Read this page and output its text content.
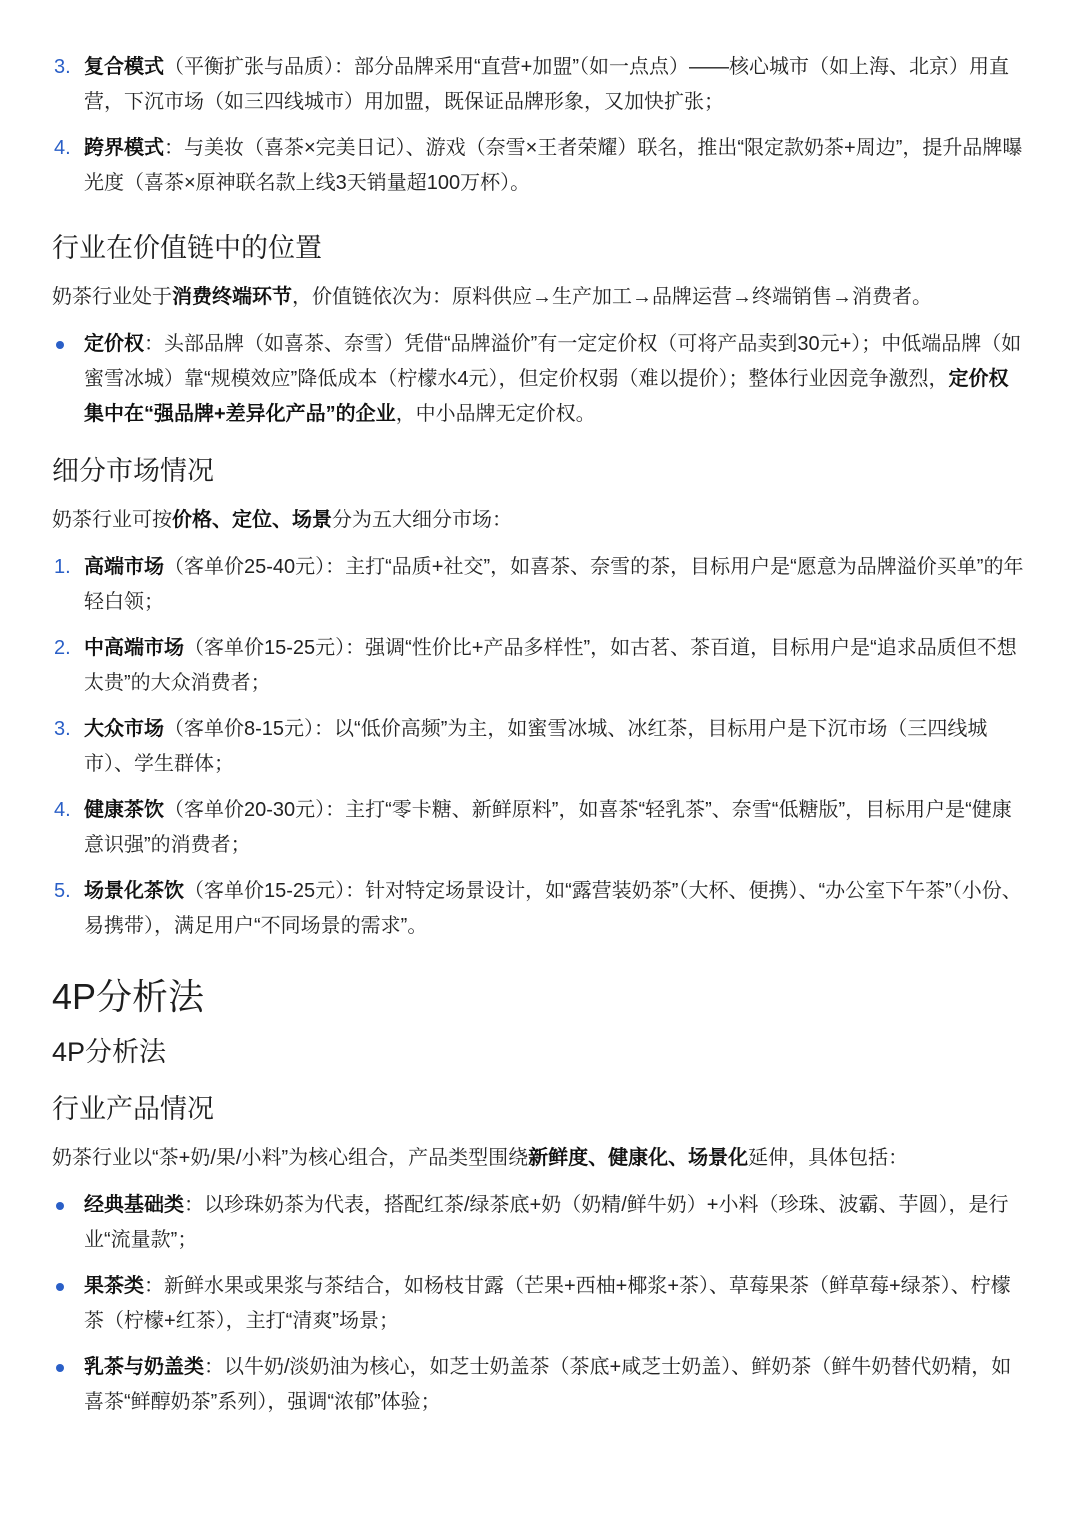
3. 复合模式（平衡扩张与品质）：部分品牌采用“直营+加盟”（如一点点）——核心城市（如上海、北京）用直营，下沉市场（如三四线城市）用加盟，既保证品牌形象，又加快扩张；
4. 跨界模式：与美妆（喜茶×完美日记）、游戏（奈雪×王者荣耀）联名，推出“限定款奶茶+周边”，提升品牌曝光度（喜茶×原神联名款上线3天销量超100万杯）。
行业在价值链中的位置

奶茶行业处于消费终端环节，价值链依次为：原料供应→生产加工→品牌运营→终端销售→消费者。

定价权：头部品牌（如喜茶、奈雪）凭借“品牌溢价”有一定定价权（可将产品卖到30元+）；中低端品牌（如蜜雪冰城）靠“规模效应”降低成本（柠檬水4元），但定价权弱（难以提价）；整体行业因竞争激烈，定价权集中在“强品牌+差异化产品”的企业，中小品牌无定价权。
细分市场情况

奶茶行业可按价格、定位、场景分为五大细分市场：

1. 高端市场（客单价25-40元）：主打“品质+社交”，如喜茶、奈雪的茶，目标用户是“愿意为品牌溢价买单”的年轻白领；
2. 中高端市场（客单价15-25元）：强调“性价比+产品多样性”，如古茗、茶百道，目标用户是“追求品质但不想太贵”的大众消费者；
3. 大众市场（客单价8-15元）：以“低价高频”为主，如蜜雪冰城、冰红茶，目标用户是下沉市场（三四线城市）、学生群体；
4. 健康茶饮（客单价20-30元）：主打“零卡糖、新鲜原料”，如喜茶“轻乳茶”、奈雪“低糖版”，目标用户是“健康意识强”的消费者；
5. 场景化茶饮（客单价15-25元）：针对特定场景设计，如“露营装奶茶”（大杯、便携）、“办公室下午茶”（小份、易携带），满足用户“不同场景的需求”。
4P分析法
4P分析法
行业产品情况

奶茶行业以“茶+奶/果/小料”为核心组合，产品类型围绕新鲜度、健康化、场景化延伸，具体包括：

经典基础类：以珍珠奶茶为代表，搭配红茶/绿茶底+奶（奶精/鲜牛奶）+小料（珍珠、波霸、芋圆），是行业“流量款”；
果茶类：新鲜水果或果浆与茶结合，如杨枝甘露（芒果+西柚+椰浆+茶）、草莓果茶（鲜草莓+绿茶）、柠檬茶（柠檬+红茶），主打“清爽”场景；
乳茶与奶盖类：以牛奶/淡奶油为核心，如芝士奶盖茶（茶底+咸芝士奶盖）、鲜奶茶（鲜牛奶替代奶精，如喜茶“鲜醇奶茶”系列），强调“浓郁”体验；
